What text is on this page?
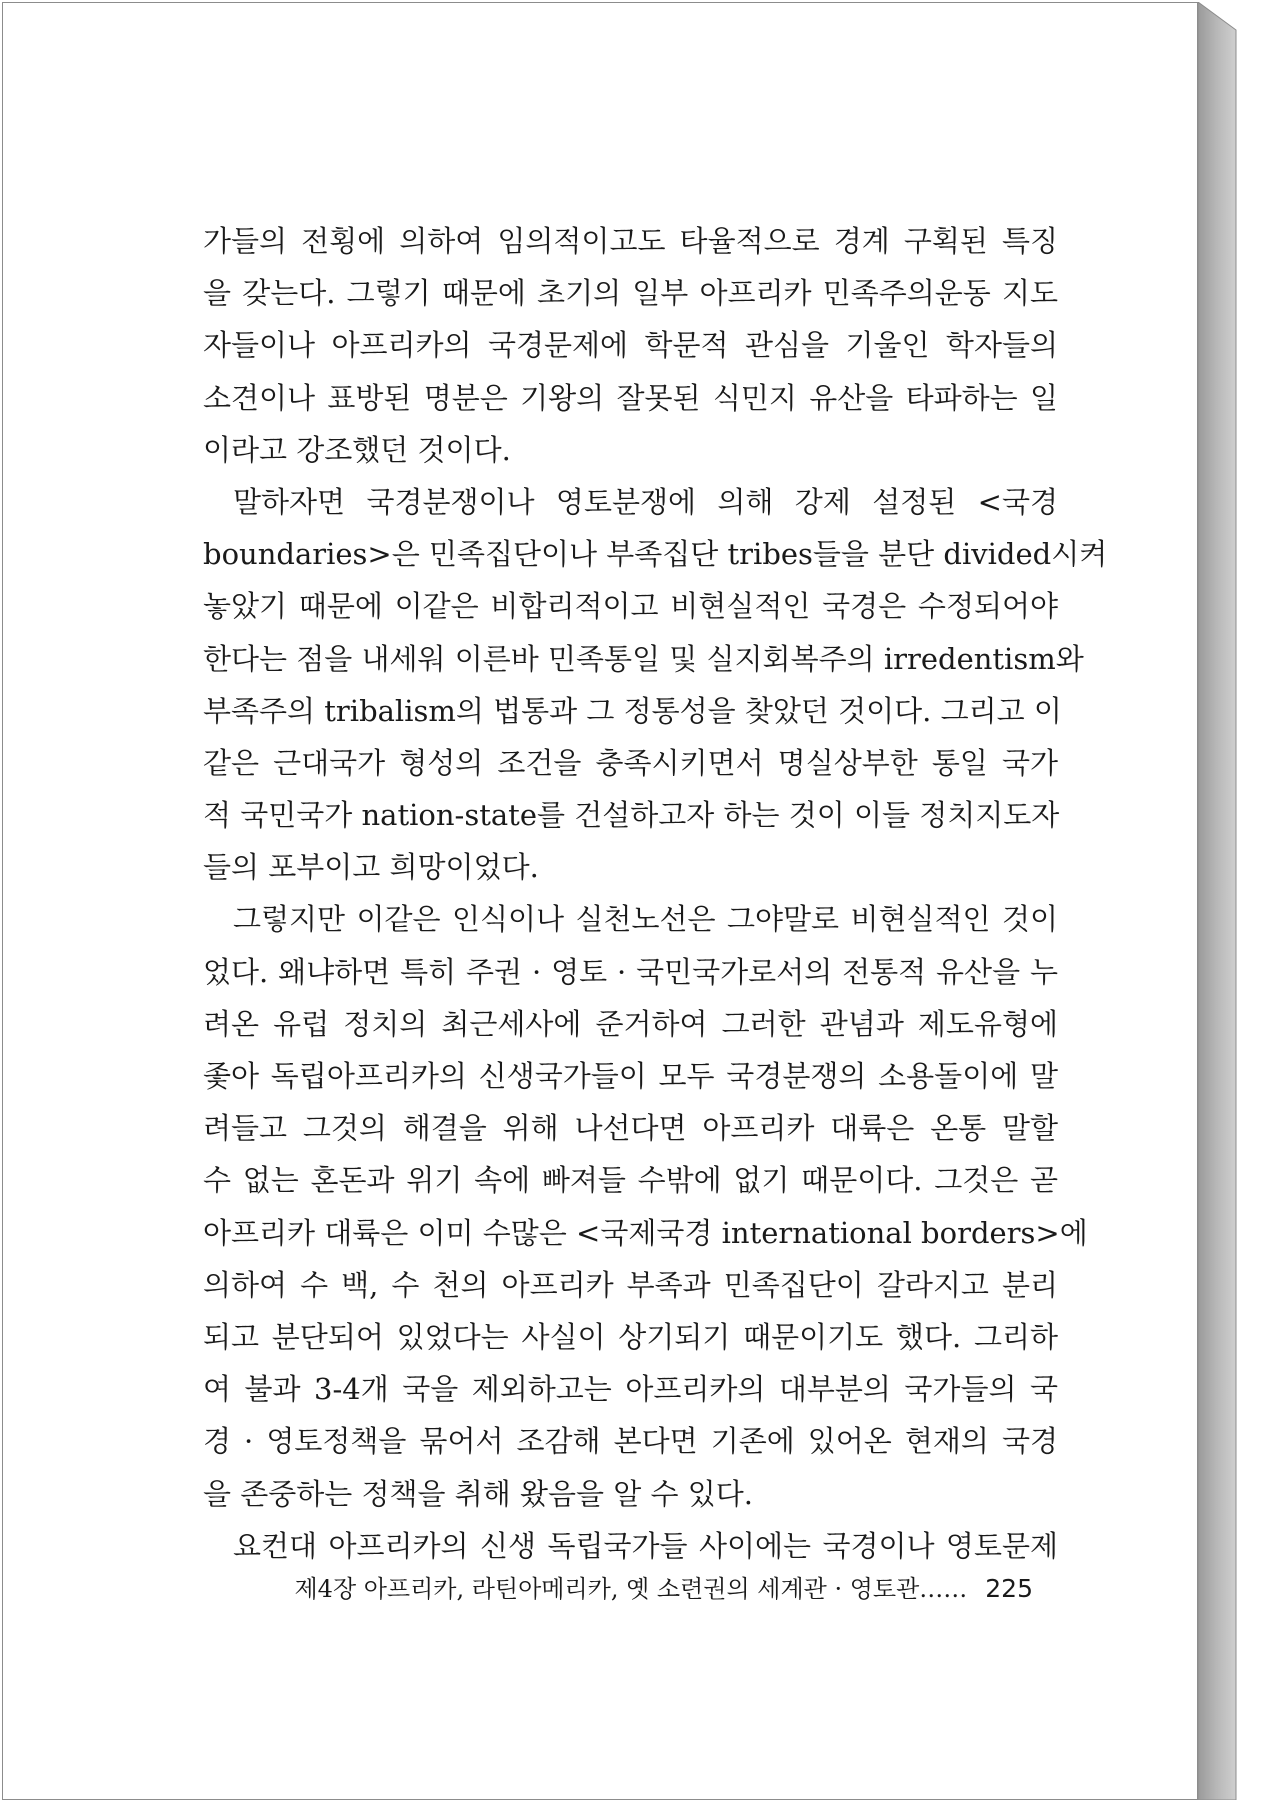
가들의 전횡에 의하여 임의적이고도 타율적으로 경계 구획된 특징
을 갖는다. 그렇기 때문에 초기의 일부 아프리카 민족주의운동 지도
자들이나 아프리카의 국경문제에 학문적 관심을 기울인 학자들의
소견이나 표방된 명분은 기왕의 잘못된 식민지 유산을 타파하는 일
이라고 강조했던 것이다.
말하자면 국경분쟁이나 영토분쟁에 의해 강제 설정된 <국경
boundaries>은 민족집단이나 부족집단 tribes들을 분단 divided시켜
놓았기 때문에 이같은 비합리적이고 비현실적인 국경은 수정되어야
한다는 점을 내세워 이른바 민족통일 및 실지회복주의 irredentism와
부족주의 tribalism의 법통과 그 정통성을 찾았던 것이다. 그리고 이
같은 근대국가 형성의 조건을 충족시키면서 명실상부한 통일 국가
적 국민국가 nation-state를 건설하고자 하는 것이 이들 정치지도자
들의 포부이고 희망이었다.
그렇지만 이같은 인식이나 실천노선은 그야말로 비현실적인 것이
었다. 왜냐하면 특히 주권 · 영토 · 국민국가로서의 전통적 유산을 누
려온 유럽 정치의 최근세사에 준거하여 그러한 관념과 제도유형에
좇아 독립아프리카의 신생국가들이 모두 국경분쟁의 소용돌이에 말
려들고 그것의 해결을 위해 나선다면 아프리카 대륙은 온통 말할
수 없는 혼돈과 위기 속에 빠져들 수밖에 없기 때문이다. 그것은 곧
아프리카 대륙은 이미 수많은 <국제국경 international borders>에
의하여 수 백, 수 천의 아프리카 부족과 민족집단이 갈라지고 분리
되고 분단되어 있었다는 사실이 상기되기 때문이기도 했다. 그리하
여 불과 3-4개 국을 제외하고는 아프리카의 대부분의 국가들의 국
경 · 영토정책을 묶어서 조감해 본다면 기존에 있어온 현재의 국경
을 존중하는 정책을 취해 왔음을 알 수 있다.
요컨대 아프리카의 신생 독립국가들 사이에는 국경이나 영토문제
제4장 아프리카, 라틴아메리카, 옛 소련권의 세계관 · 영토관…… 225
